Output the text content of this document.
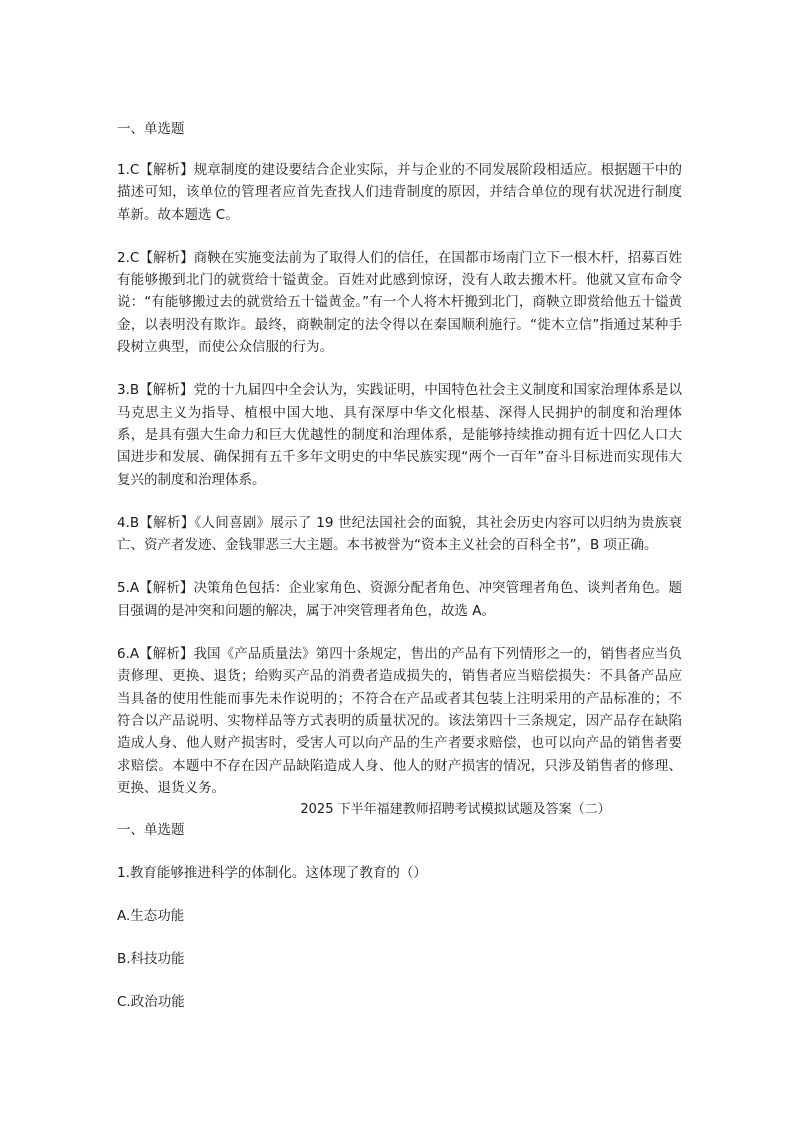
一、单选题

1.C【解析】规章制度的建设要结合企业实际，并与企业的不同发展阶段相适应。根据题干中的描述可知，该单位的管理者应首先查找人们违背制度的原因，并结合单位的现有状况进行制度革新。故本题选 C。

2.C【解析】商鞅在实施变法前为了取得人们的信任，在国都市场南门立下一根木杆，招募百姓有能够搬到北门的就赏给十镒黄金。百姓对此感到惊讶，没有人敢去搬木杆。他就又宣布命令说：“有能够搬过去的就赏给五十镒黄金。”有一个人将木杆搬到北门，商鞅立即赏给他五十镒黄金，以表明没有欺诈。最终，商鞅制定的法令得以在秦国顺利施行。“徙木立信”指通过某种手段树立典型，而使公众信服的行为。

3.B【解析】党的十九届四中全会认为，实践证明，中国特色社会主义制度和国家治理体系是以马克思主义为指导、植根中国大地、具有深厚中华文化根基、深得人民拥护的制度和治理体系，是具有强大生命力和巨大优越性的制度和治理体系，是能够持续推动拥有近十四亿人口大国进步和发展、确保拥有五千多年文明史的中华民族实现“两个一百年”奋斗目标进而实现伟大复兴的制度和治理体系。

4.B【解析】《人间喜剧》展示了 19 世纪法国社会的面貌，其社会历史内容可以归纳为贵族衰亡、资产者发迹、金钱罪恶三大主题。本书被誉为“资本主义社会的百科全书”，B 项正确。

5.A【解析】决策角色包括：企业家角色、资源分配者角色、冲突管理者角色、谈判者角色。题目强调的是冲突和问题的解决，属于冲突管理者角色，故选 A。

6.A【解析】我国《产品质量法》第四十条规定，售出的产品有下列情形之一的，销售者应当负责修理、更换、退货；给购买产品的消费者造成损失的，销售者应当赔偿损失：不具备产品应当具备的使用性能而事先未作说明的；不符合在产品或者其包装上注明采用的产品标准的；不符合以产品说明、实物样品等方式表明的质量状况的。该法第四十三条规定，因产品存在缺陷造成人身、他人财产损害时，受害人可以向产品的生产者要求赔偿，也可以向产品的销售者要求赔偿。本题中不存在因产品缺陷造成人身、他人的财产损害的情况，只涉及销售者的修理、更换、退货义务。

2025 下半年福建教师招聘考试模拟试题及答案（二）

一、单选题

1.教育能够推进科学的体制化。这体现了教育的（）

A.生态功能

B.科技功能

C.政治功能
